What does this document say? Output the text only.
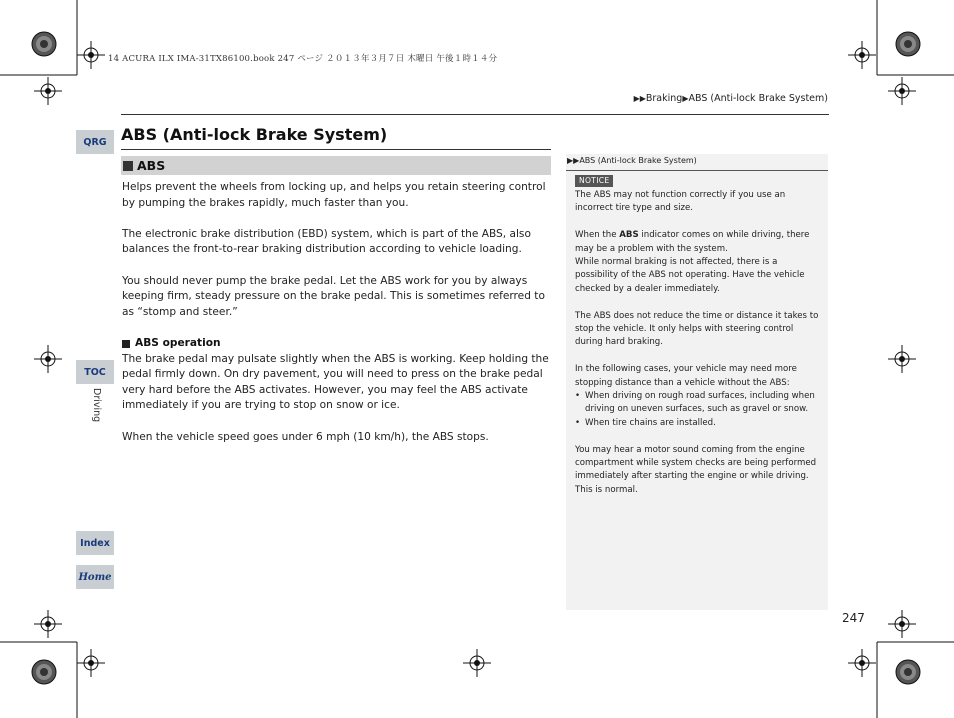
14 ACURA ILX IMA-31TX86100.book 247 ページ ２０１３年３月７日 木曜日 午後１時１４分
▶▶Braking▶ABS (Anti-lock Brake System)
QRG
TOC
Driving
Index
Home
ABS (Anti-lock Brake System)
ABS

Helps prevent the wheels from locking up, and helps you retain steering control by pumping the brakes rapidly, much faster than you.

The electronic brake distribution (EBD) system, which is part of the ABS, also balances the front-to-rear braking distribution according to vehicle loading.

You should never pump the brake pedal. Let the ABS work for you by always keeping firm, steady pressure on the brake pedal. This is sometimes referred to as “stomp and steer.”

ABS operation

The brake pedal may pulsate slightly when the ABS is working. Keep holding the pedal firmly down. On dry pavement, you will need to press on the brake pedal very hard before the ABS activates. However, you may feel the ABS activate immediately if you are trying to stop on snow or ice.

When the vehicle speed goes under 6 mph (10 km/h), the ABS stops.

▶▶ABS (Anti-lock Brake System)
NOTICE

The ABS may not function correctly if you use an incorrect tire type and size.

When the ABS indicator comes on while driving, there may be a problem with the system.

While normal braking is not affected, there is a possibility of the ABS not operating. Have the vehicle checked by a dealer immediately.

The ABS does not reduce the time or distance it takes to stop the vehicle. It only helps with steering control during hard braking.

In the following cases, your vehicle may need more stopping distance than a vehicle without the ABS:

• When driving on rough road surfaces, including when driving on uneven surfaces, such as gravel or snow.
• When tire chains are installed.

You may hear a motor sound coming from the engine compartment while system checks are being performed immediately after starting the engine or while driving. This is normal.

247
